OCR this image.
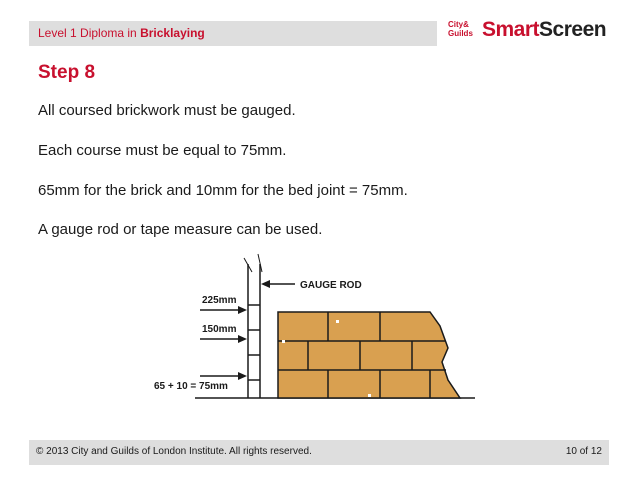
Level 1 Diploma in Bricklaying
City&
Guilds SmartScreen
Step 8
All coursed brickwork must be gauged.
Each course must be equal to 75mm.
65mm for the brick and 10mm for the bed joint = 75mm.
A gauge rod or tape measure can be used.
GAUGE ROD
225mm
150mm
65 + 10 = 75mm
© 2013 City and Guilds of London Institute. All rights reserved.	10 of 12
